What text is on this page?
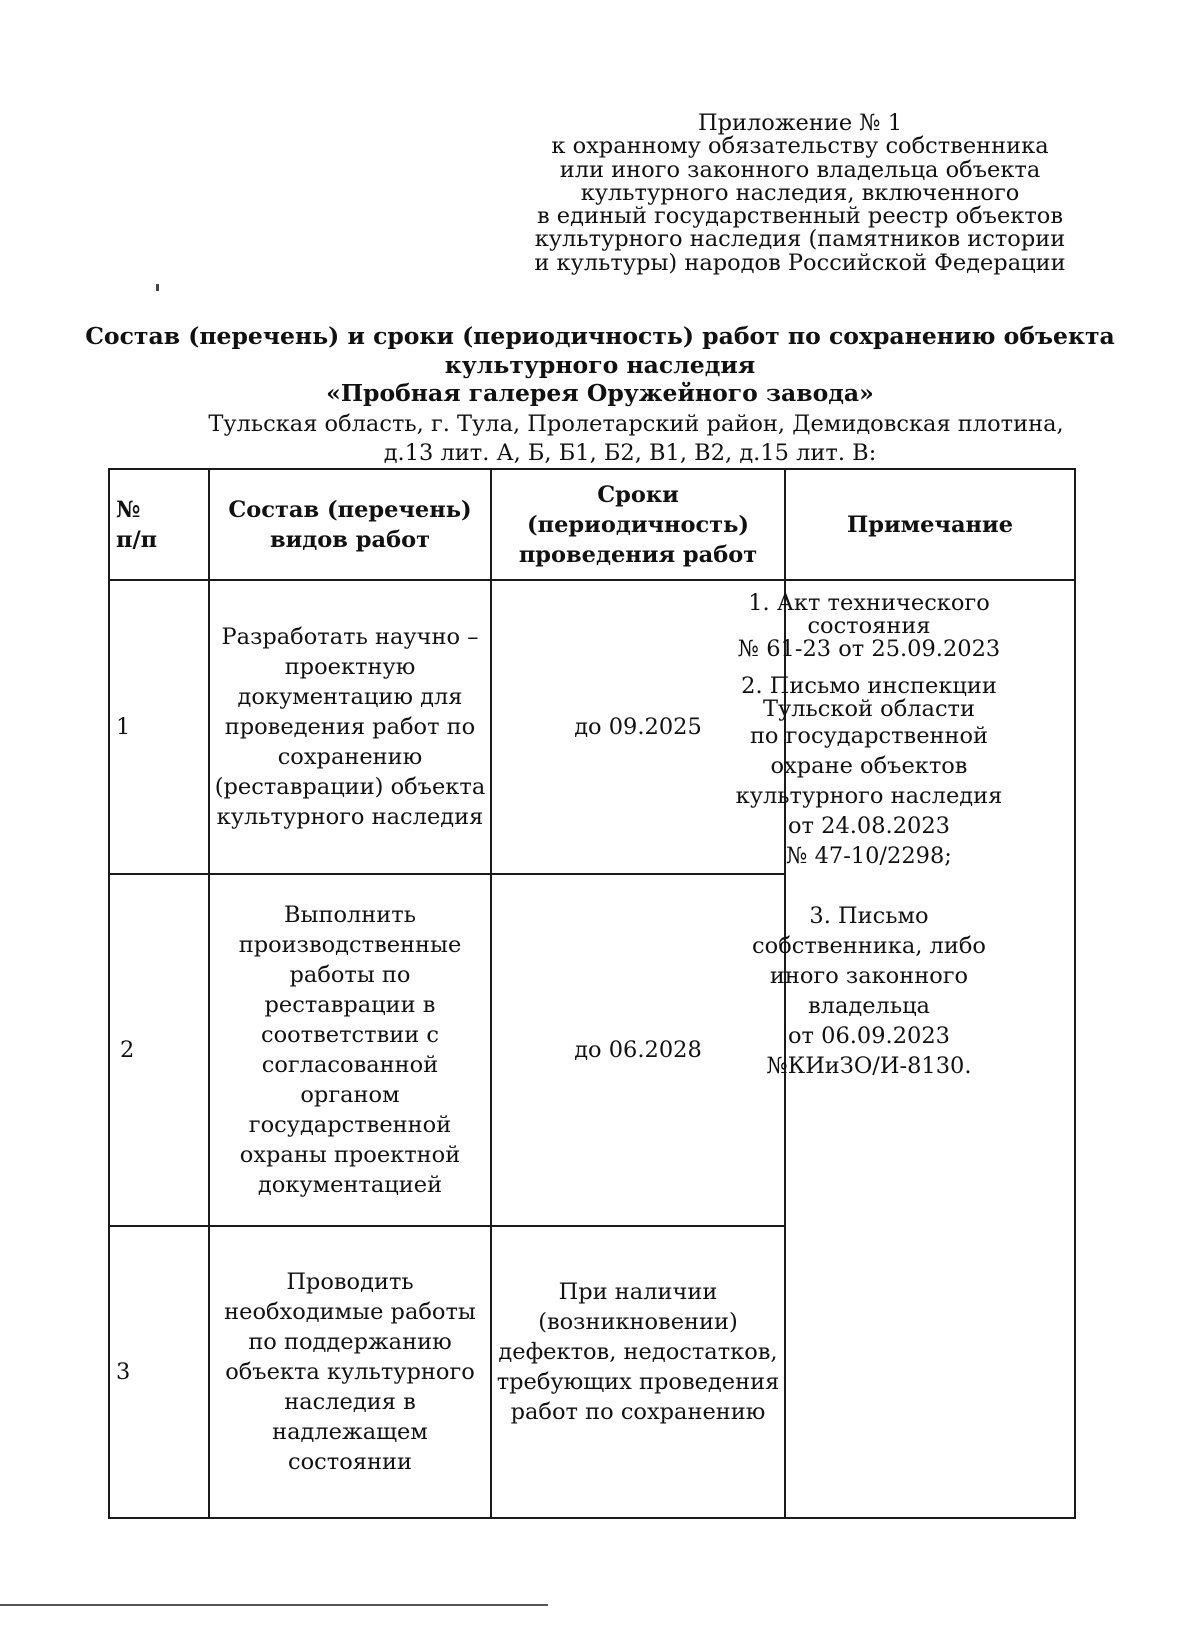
Приложение № 1
к охранному обязательству собственника
или иного законного владельца объекта
культурного наследия, включенного
в единый государственный реестр объектов
культурного наследия (памятников истории
и культуры) народов Российской Федерации
Состав (перечень) и сроки (периодичность) работ по сохранению объекта
культурного наследия
«Пробная галерея Оружейного завода»
Тульская область, г. Тула, Пролетарский район, Демидовская плотина,
д.13 лит. А, Б, Б1, Б2, В1, В2, д.15 лит. В:
№
п/п
Состав (перечень)
видов работ
Сроки
(периодичность)
проведения работ
Примечание
1
Разработать научно –
проектную
документацию для
проведения работ по
сохранению
(реставрации) объекта
культурного наследия
до 09.2025
2
Выполнить
производственные
работы по
реставрации в
соответствии с
согласованной
органом
государственной
охраны проектной
документацией
до 06.2028
3
Проводить
необходимые работы
по поддержанию
объекта культурного
наследия в
надлежащем
состоянии
При наличии
(возникновении)
дефектов, недостатков,
требующих проведения
работ по сохранению
1. Акт технического
состояния
№ 61-23 от 25.09.2023
2. Письмо инспекции
Тульской области
по государственной
охране объектов
культурного наследия
от 24.08.2023
№ 47-10/2298;
3. Письмо
собственника, либо
иного законного
владельца
от 06.09.2023
№КИиЗО/И-8130.
